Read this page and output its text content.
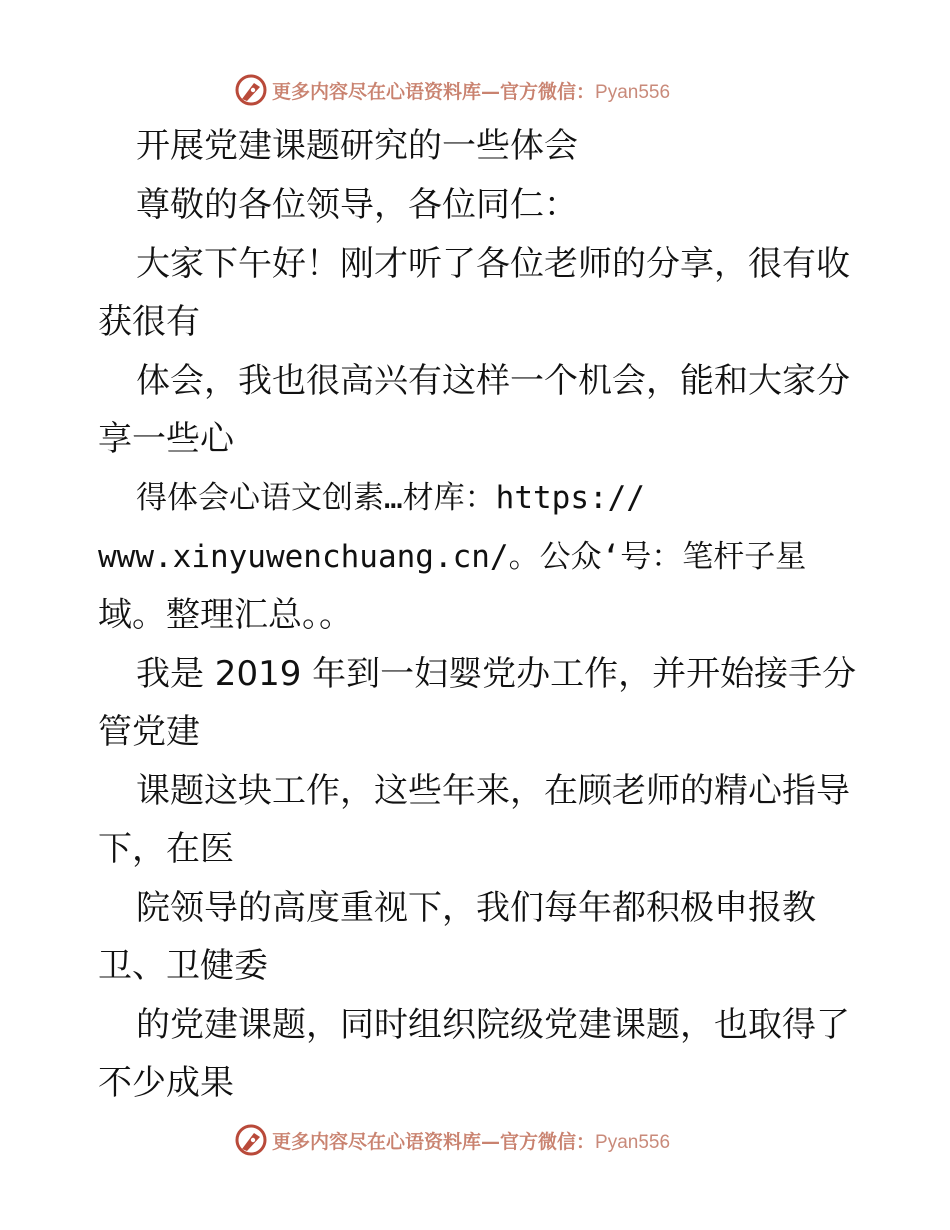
更多内容尽在心语资料库—官方微信：Pyan556
开展党建课题研究的一些体会
尊敬的各位领导，各位同仁：
大家下午好！刚才听了各位老师的分享，很有收
获很有
体会，我也很高兴有这样一个机会，能和大家分
享一些心
得体会心语文创素…材库：https://
www.xinyuwenchuang.cn/。公众‘号：笔杆子星
域。整理汇总。。
我是 2019 年到一妇婴党办工作，并开始接手分
管党建
课题这块工作，这些年来，在顾老师的精心指导
下，在医
院领导的高度重视下，我们每年都积极申报教
卫、卫健委
的党建课题，同时组织院级党建课题，也取得了
不少成果
更多内容尽在心语资料库—官方微信：Pyan556
